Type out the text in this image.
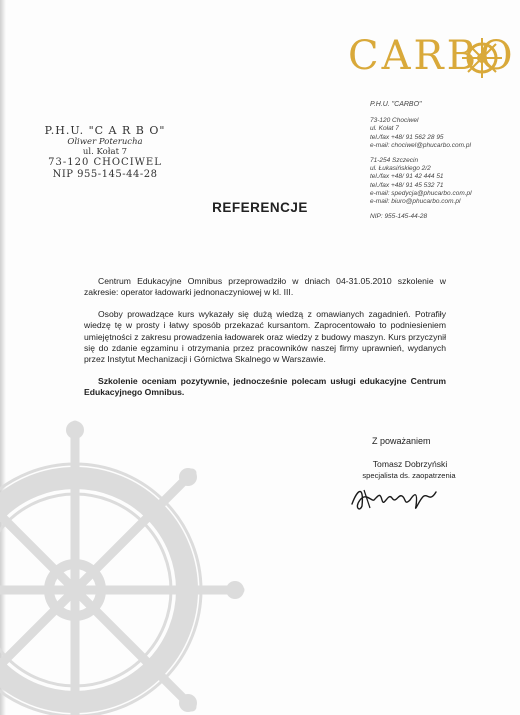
CARBO
P.H.U. "CARBO"
73-120 Chociwel
ul. Kołat 7
tel./fax +48/ 91 562 28 95
e-mail: chociwel@phucarbo.com.pl
71-254 Szczecin
ul. Łukasińskiego 2/2
tel./fax +48/ 91 42 444 51
tel./fax +48/ 91 45 532 71
e-mail: spedycja@phucarbo.com.pl
e-mail: biuro@phucarbo.com.pl
NIP: 955-145-44-28
P.H.U. "C A R B O"
Oliwer Poterucha
ul. Kołat 7
73-120 CHOCIWEL
NIP 955-145-44-28
REFERENCJE

Centrum Edukacyjne Omnibus przeprowadziło w dniach 04-31.05.2010 szkolenie w zakresie: operator ładowarki jednonaczyniowej w kl. III.

Osoby prowadzące kurs wykazały się dużą wiedzą z omawianych zagadnień. Potrafiły wiedzę tę w prosty i łatwy sposób przekazać kursantom. Zaprocentowało to podniesieniem umiejętności z zakresu prowadzenia ładowarek oraz wiedzy z budowy maszyn. Kurs przyczynił się do zdanie egzaminu i otrzymania przez pracowników naszej firmy uprawnień, wydanych przez Instytut Mechanizacji i Górnictwa Skalnego w Warszawie.

Szkolenie oceniam pozytywnie, jednocześnie polecam usługi edukacyjne Centrum Edukacyjnego Omnibus.

Z poważaniem
Tomasz Dobrzyński
specjalista ds. zaopatrzenia
